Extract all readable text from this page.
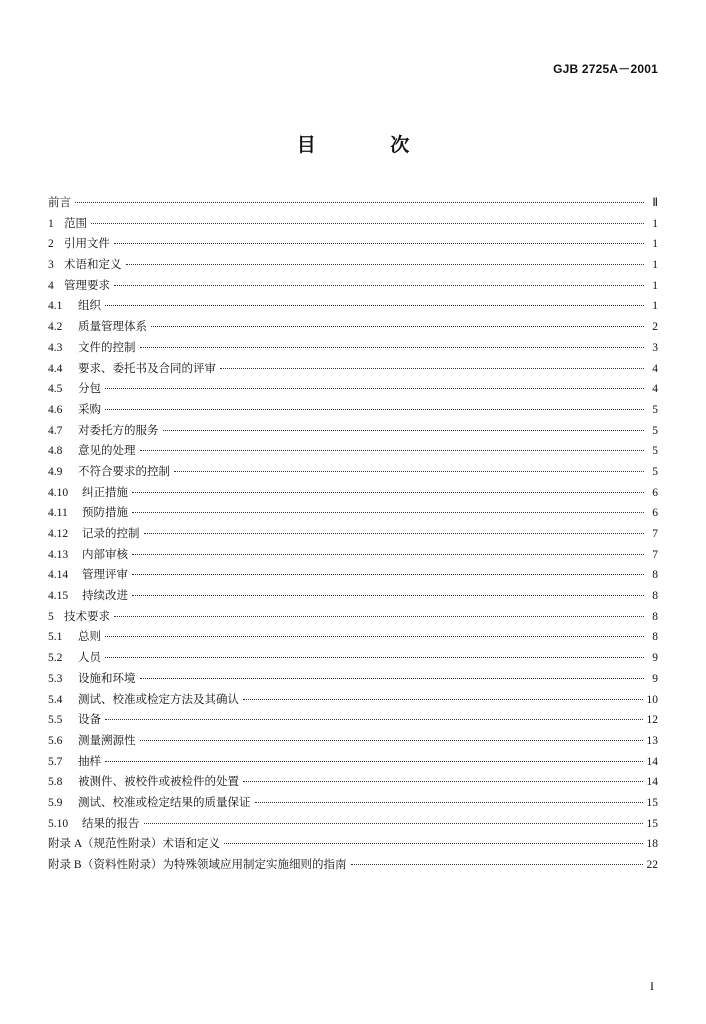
GJB 2725A－2001
目 次
前言	Ⅱ
1 范围	1
2 引用文件	1
3 术语和定义	1
4 管理要求	1
4.1	组织	1
4.2	质量管理体系	2
4.3	文件的控制	3
4.4	要求、委托书及合同的评审	4
4.5	分包	4
4.6	采购	5
4.7	对委托方的服务	5
4.8	意见的处理	5
4.9	不符合要求的控制	5
4.10	纠正措施	6
4.11	预防措施	6
4.12	记录的控制	7
4.13	内部审核	7
4.14	管理评审	8
4.15	持续改进	8
5 技术要求	8
5.1	总则	8
5.2	人员	9
5.3	设施和环境	9
5.4	测试、校准或检定方法及其确认	10
5.5	设备	12
5.6	测量溯源性	13
5.7	抽样	14
5.8	被测件、被校件或被检件的处置	14
5.9	测试、校准或检定结果的质量保证	15
5.10	结果的报告	15
附录 A （规范性附录）术语和定义	18
附录 B （资料性附录）为特殊领域应用制定实施细则的指南	22
I
